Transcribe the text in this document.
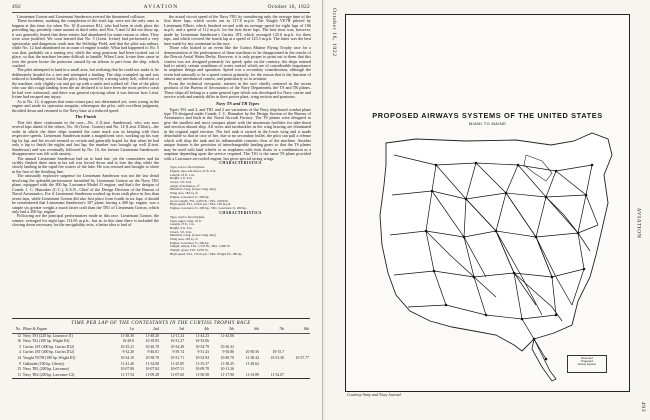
492	AVIATION	October 16, 1922

Lieutenant Gorton and Lieutenant Sanderson averted the threatened collision.

These incidents, marking the completion of the sixth lap, were not the only ones to happen at this time, for when No. 10 (Lawrence R1), who had been in sixth place the preceding lap, presently came around in third order, and Nos. 5 and 12 did not show up, it was generally feared that these entries had abandoned for some reason or other. They were soon justified. We soon learned that No. 5 (Lieut. Irvine) had performed a very spectacular and dangerous crash near the Selfridge Field, and that the pilot was unhurt, while No. 12 had abandoned on account of engine trouble. What had happened to No. 5 was that, probably on a turning test, while the wing pontoons had been twisted out of place, so that the machine became difficult to handle. When Lieut. Irvine then came in over the power house the pontoons caused by an aileron to part from the ship, which crashed.

The pilot attempted to land in a small area, but realizing that he could not make it, he deliberately headed for a tree and attempted a landing. The ship crumpled up and was reduced to kindling wood, but the pilot, being saved by a strong safety belt, rolled out of the machine, only slightly cut and got up with a smile and walked off. One of the pilots who saw this rough landing from the air declared it to have been the most perfect crash he had ever witnessed, and there was general rejoicing when it was known how Lieut. Irvine had escaped any injury.

As to No. 12, it appears that some minor part, not determined yet, went wrong in the engine and made its operation irregular, whereupon the pilot, with excellent judgment, throttled down and returned to the Navy base at a reduced speed.

The Finish

This left three contestants in the race—No. 4 (Lieut. Sanderson), who was now several laps ahead of the others, No. 16 (Lieut. Gorton) and No. 14 (Lieut. Elliott)—the order in which the three ships rounded the outer mark was in keeping with their respective speeds. Lieutenant Sanderson made a magnificent race, working up his way lap by lap, and his record seemed so certain and generally hoped for that when he had only a lap to finish the nights and last lap, the number was brought up well (Lieut. Sanderson) and was eventually followed by No. 16, the former Lieutenant Sanderson's disappearance was felt with anxiety.

The annual Lieutenant Sanderson had on to land late, yet the committees and fat swiftly flashed three men in his tail was forced down and to lose the ship while the slowly landing in the rapid fire waters of the lake. He was rescued and brought to shore in the face of the finishing line.

The unusually explosive suspense for Lieutenant Sanderson was not the last detail involving the splendid performance furnished by Lieutenant Gorton on the Navy TR1 plane, equipped with the 200 hp. Lawrance Model J1 engine, and that's the designs of Comdr. J. C. Hunsaker (C.C.), U.S.N., Chief of the Design Division of the Bureau of Naval Aeronautics. For if Lieutenant Sanderson worked up from sixth place in less than seven laps, while Lieutenant Gorton did also first place from fourth in six laps, it should be remembered that Lieutenant Sanderson's 187 plane, having a 400 hp. engine, was a simple six greater weight a much faster craft than the TR1 of Lieutenant Gorton, which only had a 200 hp. engine.

Following are the principal performances made in this race. Lieutenant Gorton, the winner, averaged for eight laps 112.65 m.p.h., but as in this time there is included the slowing down necessary for the navigability tests, a better idea is had of

the actual circuit speed of the Navy TR1 by considering only the average time of the first three laps, which works out as 117.8 m.p.h. The Vought VE7H piloted by Lieutenant Elliott, which finished second with an average speed for eight laps of 106 m.p.h. and a speed of 112 m.p.h. for the first three laps. The best time was, however, made by Lieutenant Sanderson's Curtiss 18T, which averaged 125.6 m.p.h. for three laps, and which covered the fourth lap at a speed of 125.5 m.p.h. The latter was the best time made by any contestant in the race.

Those who looked to an event like the Curtiss Marine Flying Trophy race for a demonstration of the performance of these machines to be disappointed in the results of the Detroit Aerial Water Derby. However, it is only proper to point out to them that this contest was not designed primarily for speed; quite on the contrary, the ships entered had to satisfy certain conditions of water control which are of considerable importance in seaplane design and operation. Speed was a secondary consideration, although the event had naturally to be a speed contest primarily, for the reason that is the function of almost any mechanical contest, and particularly so in aviation.

From the technical viewpoint, interest in the race chiefly centered in the recent products of the Bureau of Aeronautics of the Navy Department, the TS and TR planes. These ships all belong to a same general type which was developed for Navy carrier and service work and mainly differ in their power plant, wing section and pontoons.

Navy TS and TR Types

Types TS1 and 2, and TR1 and 2 are variations of the Navy ship-based combat plane type TS designed under Comdr. J. C. Hunsaker by the Design Section of the Bureau of Aeronautics and built at the Naval Aircraft Factory. The TS planes were designed to give the smallest and most compact plane with the maximum facilities for take-down and erection aboard ship. All wires and turnbuckles in the wing bracing are eliminated in the original rapid erection. The fuel tank is carried in the lower wing and is made detachable so that in case of fire, due to no secondary bullet, the pilot can pull a release which will drop the tank and its inflammable contents clear of the machine. Another unique feature is the provision of interchangeable landing gears so that the TS planes may be used with land wheels or as seaplanes with twin floats or a combination as a seaplane depending upon the service required. The TS1 is the same TS plane provided with a Lawrance air-cooled engine, but gives special racing wings.

CHARACTERISTICS
Type, tractor float biplane.
Engine, type and motor, 25 ft. 9 in.
Length, 16 ft. 1 in.
Height, 2 ft. 6 in.
Chord, 3 ft. 6 in.
Angle of incidence, 2°
Dihedral, 2 deg. (lower wing only)
Wing area, 183 sq. ft.
Engine, Lawrance J1, 200 hp.
Gross weight, TS1, 2,055 lb.; TR1, 2,000 lb.
High speed, TS1, 120 m.p.h.; TR1, 130 m.p.h.
Engine, Lawrance J1, 200 hp.; TR1, Lawrance J1, 200 hp.
CHARACTERISTICS
Type, tractor float biplane.
Span, upper wing, 25 ft.
Length, 27 ft. 1 in.
Height, 9 ft. 6 in.
Chord, 3 ft. 6 in.
Dihedral, 2 deg. (lower wing only)
Wing area, 183 sq. ft.
Engine, Lawrance J1, 200 hp.
Weight, empty, TS2, 1,535 lb.; TR2, 1,800 lb.
Weight, gross, TS2, 2,055 lb.
High speed, TS2, 135 m.p.h.; TR2, Wright E4, 180 hp.
TIME PER LAP OF THE CONTESTANTS IN THE CURTISS TROPHY RACE
No.	Plane & Engine	1st	2nd	3rd	4th	5th	6th	7th	8th
12	Navy TS1 (220 hp. Lawrance J1)	11-48.30	11-48.20	12-11.24	11-44.23	11-43.06			
16	Navy TS2 (180 hp. Wright E4)	10-29.0	10-18.93	10-31.27	10-33.06				
5	Curtiss 18T (400 hp. Curtiss D12)	10-25.21	10-26.78	10-34.49	10-54.79	10-36.32			
4	Curtiss 18T (400 hp. Curtiss D12)	9-32.20	9-46.81	9-39.74	9-31.43	9-50.86	10-30.56	10-15.7	
14	Vought VE7H (180 hp. Wright E3)	10-34.10	10-38.78	10-31.71	10-54.94	10-49.70	11-38.44	10-51.30	10-37.77
9	Gallaudet (100 hp. Liberty)	11-41.40	11-34.08	11-25.85	11-35.37	11-38.25	11-29.62		
15	Navy TR1 (200 hp. Lawrance)	10-07.90	10-07.84	10-07.51	10-09.78	10-13.36			
11	Navy TR2 (200 hp. Lawrance C2)	11-17.54	11-09.28	11-07.60	11-50.58	11-17.90	11-33.89	11-32.07	
October 16, 1922
AVIATION
493
PROPOSED AIRWAYS SYSTEMS OF THE UNITED STATES
MIAMI TO MAINE
Reported
Projected
Airway System
Courtesy Army and Navy Journal
